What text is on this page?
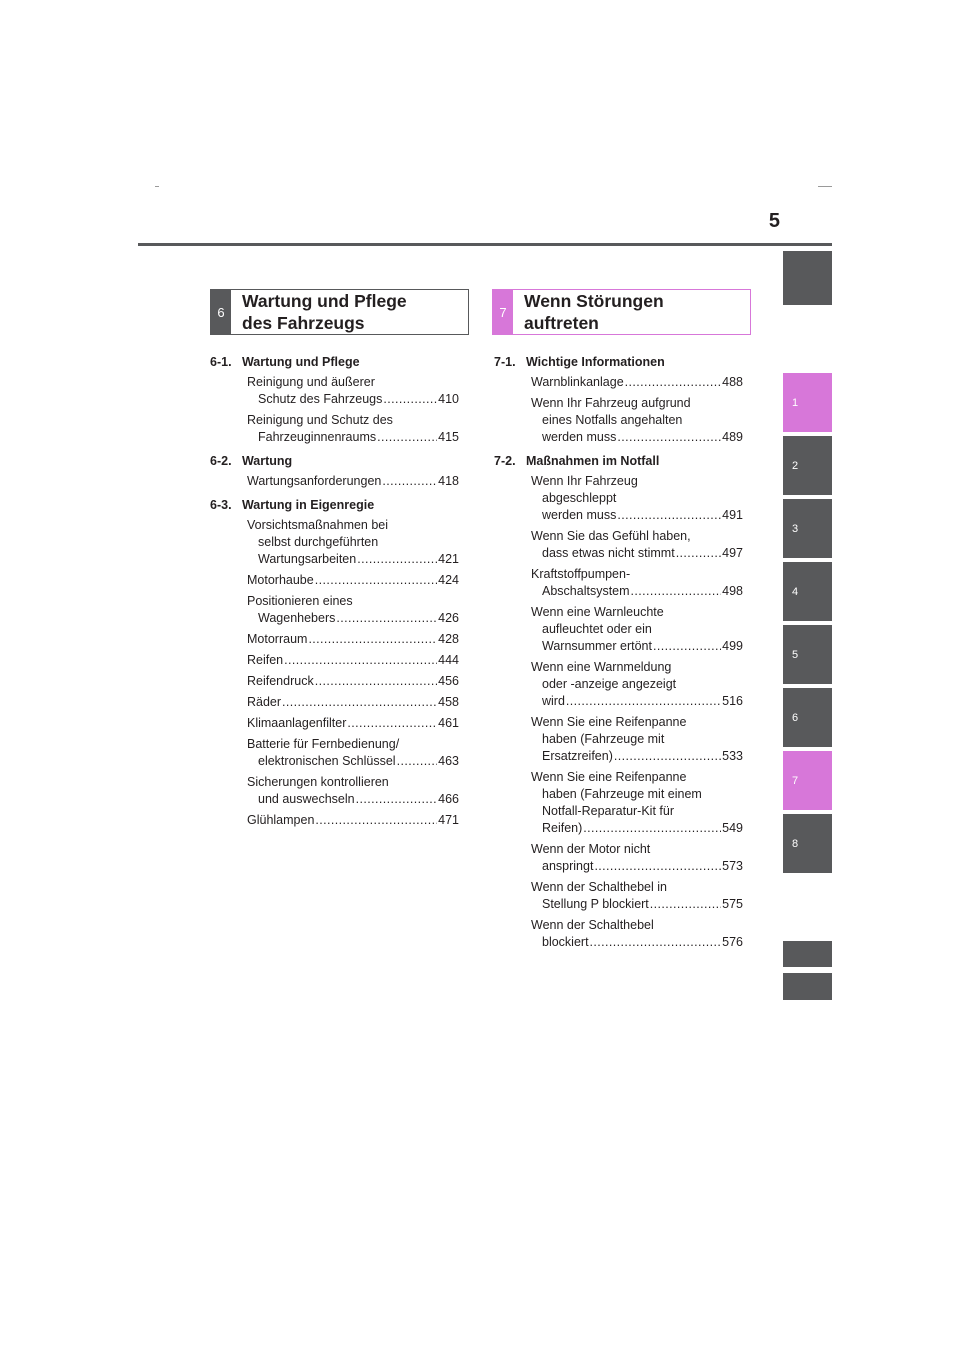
5
1
2
3
4
5
6
7
8
6
Wartung und Pflege
des Fahrzeugs
6-1.   Wartung und Pflege
Reinigung und äußerer
Schutz des Fahrzeugs .....	410
Reinigung und Schutz des
Fahrzeuginnenraums .....	415
6-2.   Wartung
Wartungsanforderungen .....	418
6-3.   Wartung in Eigenregie
Vorsichtsmaßnahmen bei
selbst durchgeführten
Wartungsarbeiten .....	421
Motorhaube .....	424
Positionieren eines
Wagenhebers .....	426
Motorraum .....	428
Reifen .....	444
Reifendruck .....	456
Räder .....	458
Klimaanlagenfilter .....	461
Batterie für Fernbedienung/
elektronischen Schlüssel .....	463
Sicherungen kontrollieren
und auswechseln .....	466
Glühlampen .....	471
7
Wenn Störungen
auftreten
7-1.   Wichtige Informationen
Warnblinkanlage .....	488
Wenn Ihr Fahrzeug aufgrund
eines Notfalls angehalten
werden muss .....	489
7-2.   Maßnahmen im Notfall
Wenn Ihr Fahrzeug
abgeschleppt
werden muss .....	491
Wenn Sie das Gefühl haben,
dass etwas nicht stimmt .....	497
Kraftstoffpumpen-
Abschaltsystem .....	498
Wenn eine Warnleuchte
aufleuchtet oder ein
Warnsummer ertönt .....	499
Wenn eine Warnmeldung
oder -anzeige angezeigt
wird .....	516
Wenn Sie eine Reifenpanne
haben (Fahrzeuge mit
Ersatzreifen) .....	533
Wenn Sie eine Reifenpanne
haben (Fahrzeuge mit einem
Notfall-Reparatur-Kit für
Reifen) .....	549
Wenn der Motor nicht
anspringt .....	573
Wenn der Schalthebel in
Stellung P blockiert .....	575
Wenn der Schalthebel
blockiert .....	576
